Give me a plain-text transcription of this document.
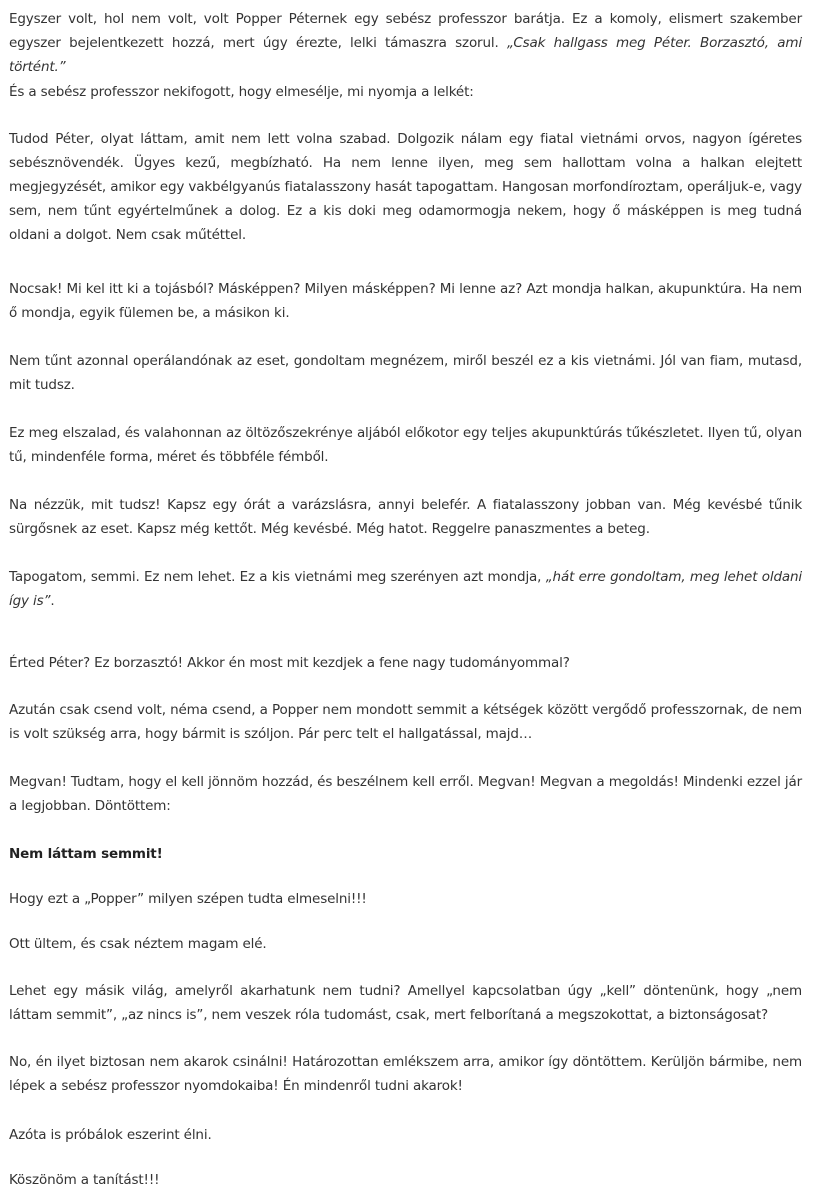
Egyszer volt, hol nem volt, volt Popper Péternek egy sebész professzor barátja. Ez a komoly, elismert szakember egyszer bejelentkezett hozzá, mert úgy érezte, lelki támaszra szorul. „Csak hallgass meg Péter. Borzasztó, ami történt.”

És a sebész professzor nekifogott, hogy elmesélje, mi nyomja a lelkét:

Tudod Péter, olyat láttam, amit nem lett volna szabad. Dolgozik nálam egy fiatal vietnámi orvos, nagyon ígéretes sebésznövendék. Ügyes kezű, megbízható. Ha nem lenne ilyen, meg sem hallottam volna a halkan elejtett megjegyzését, amikor egy vakbélgyanús fiatalasszony hasát tapogattam. Hangosan morfondíroztam, operáljuk-e, vagy sem, nem tűnt egyértelműnek a dolog. Ez a kis doki meg odamormogja nekem, hogy ő másképpen is meg tudná oldani a dolgot. Nem csak műtéttel.

Nocsak! Mi kel itt ki a tojásból? Másképpen? Milyen másképpen? Mi lenne az? Azt mondja halkan, akupunktúra. Ha nem ő mondja, egyik fülemen be, a másikon ki.

Nem tűnt azonnal operálandónak az eset, gondoltam megnézem, miről beszél ez a kis vietnámi. Jól van fiam, mutasd, mit tudsz.

Ez meg elszalad, és valahonnan az öltözőszekrénye aljából előkotor egy teljes akupunktúrás tűkészletet. Ilyen tű, olyan tű, mindenféle forma, méret és többféle fémből.

Na nézzük, mit tudsz! Kapsz egy órát a varázslásra, annyi belefér. A fiatalasszony jobban van. Még kevésbé tűnik sürgősnek az eset. Kapsz még kettőt. Még kevésbé. Még hatot. Reggelre panaszmentes a beteg.

Tapogatom, semmi. Ez nem lehet. Ez a kis vietnámi meg szerényen azt mondja, „hát erre gondoltam, meg lehet oldani így is”.

Érted Péter? Ez borzasztó! Akkor én most mit kezdjek a fene nagy tudományommal?

Azután csak csend volt, néma csend, a Popper nem mondott semmit a kétségek között vergődő professzornak, de nem is volt szükség arra, hogy bármit is szóljon. Pár perc telt el hallgatással, majd…

Megvan! Tudtam, hogy el kell jönnöm hozzád, és beszélnem kell erről. Megvan! Megvan a megoldás! Mindenki ezzel jár a legjobban. Döntöttem:

Nem láttam semmit!

Hogy ezt a „Popper” milyen szépen tudta elmeselni!!!

Ott ültem, és csak néztem magam elé.

Lehet egy másik világ, amelyről akarhatunk nem tudni? Amellyel kapcsolatban úgy „kell” döntenünk, hogy „nem láttam semmit”, „az nincs is”, nem veszek róla tudomást, csak, mert felborítaná a megszokottat, a biztonságosat?

No, én ilyet biztosan nem akarok csinálni! Határozottan emlékszem arra, amikor így döntöttem. Kerüljön bármibe, nem lépek a sebész professzor nyomdokaiba! Én mindenről tudni akarok!

Azóta is próbálok eszerint élni.

Köszönöm a tanítást!!!
